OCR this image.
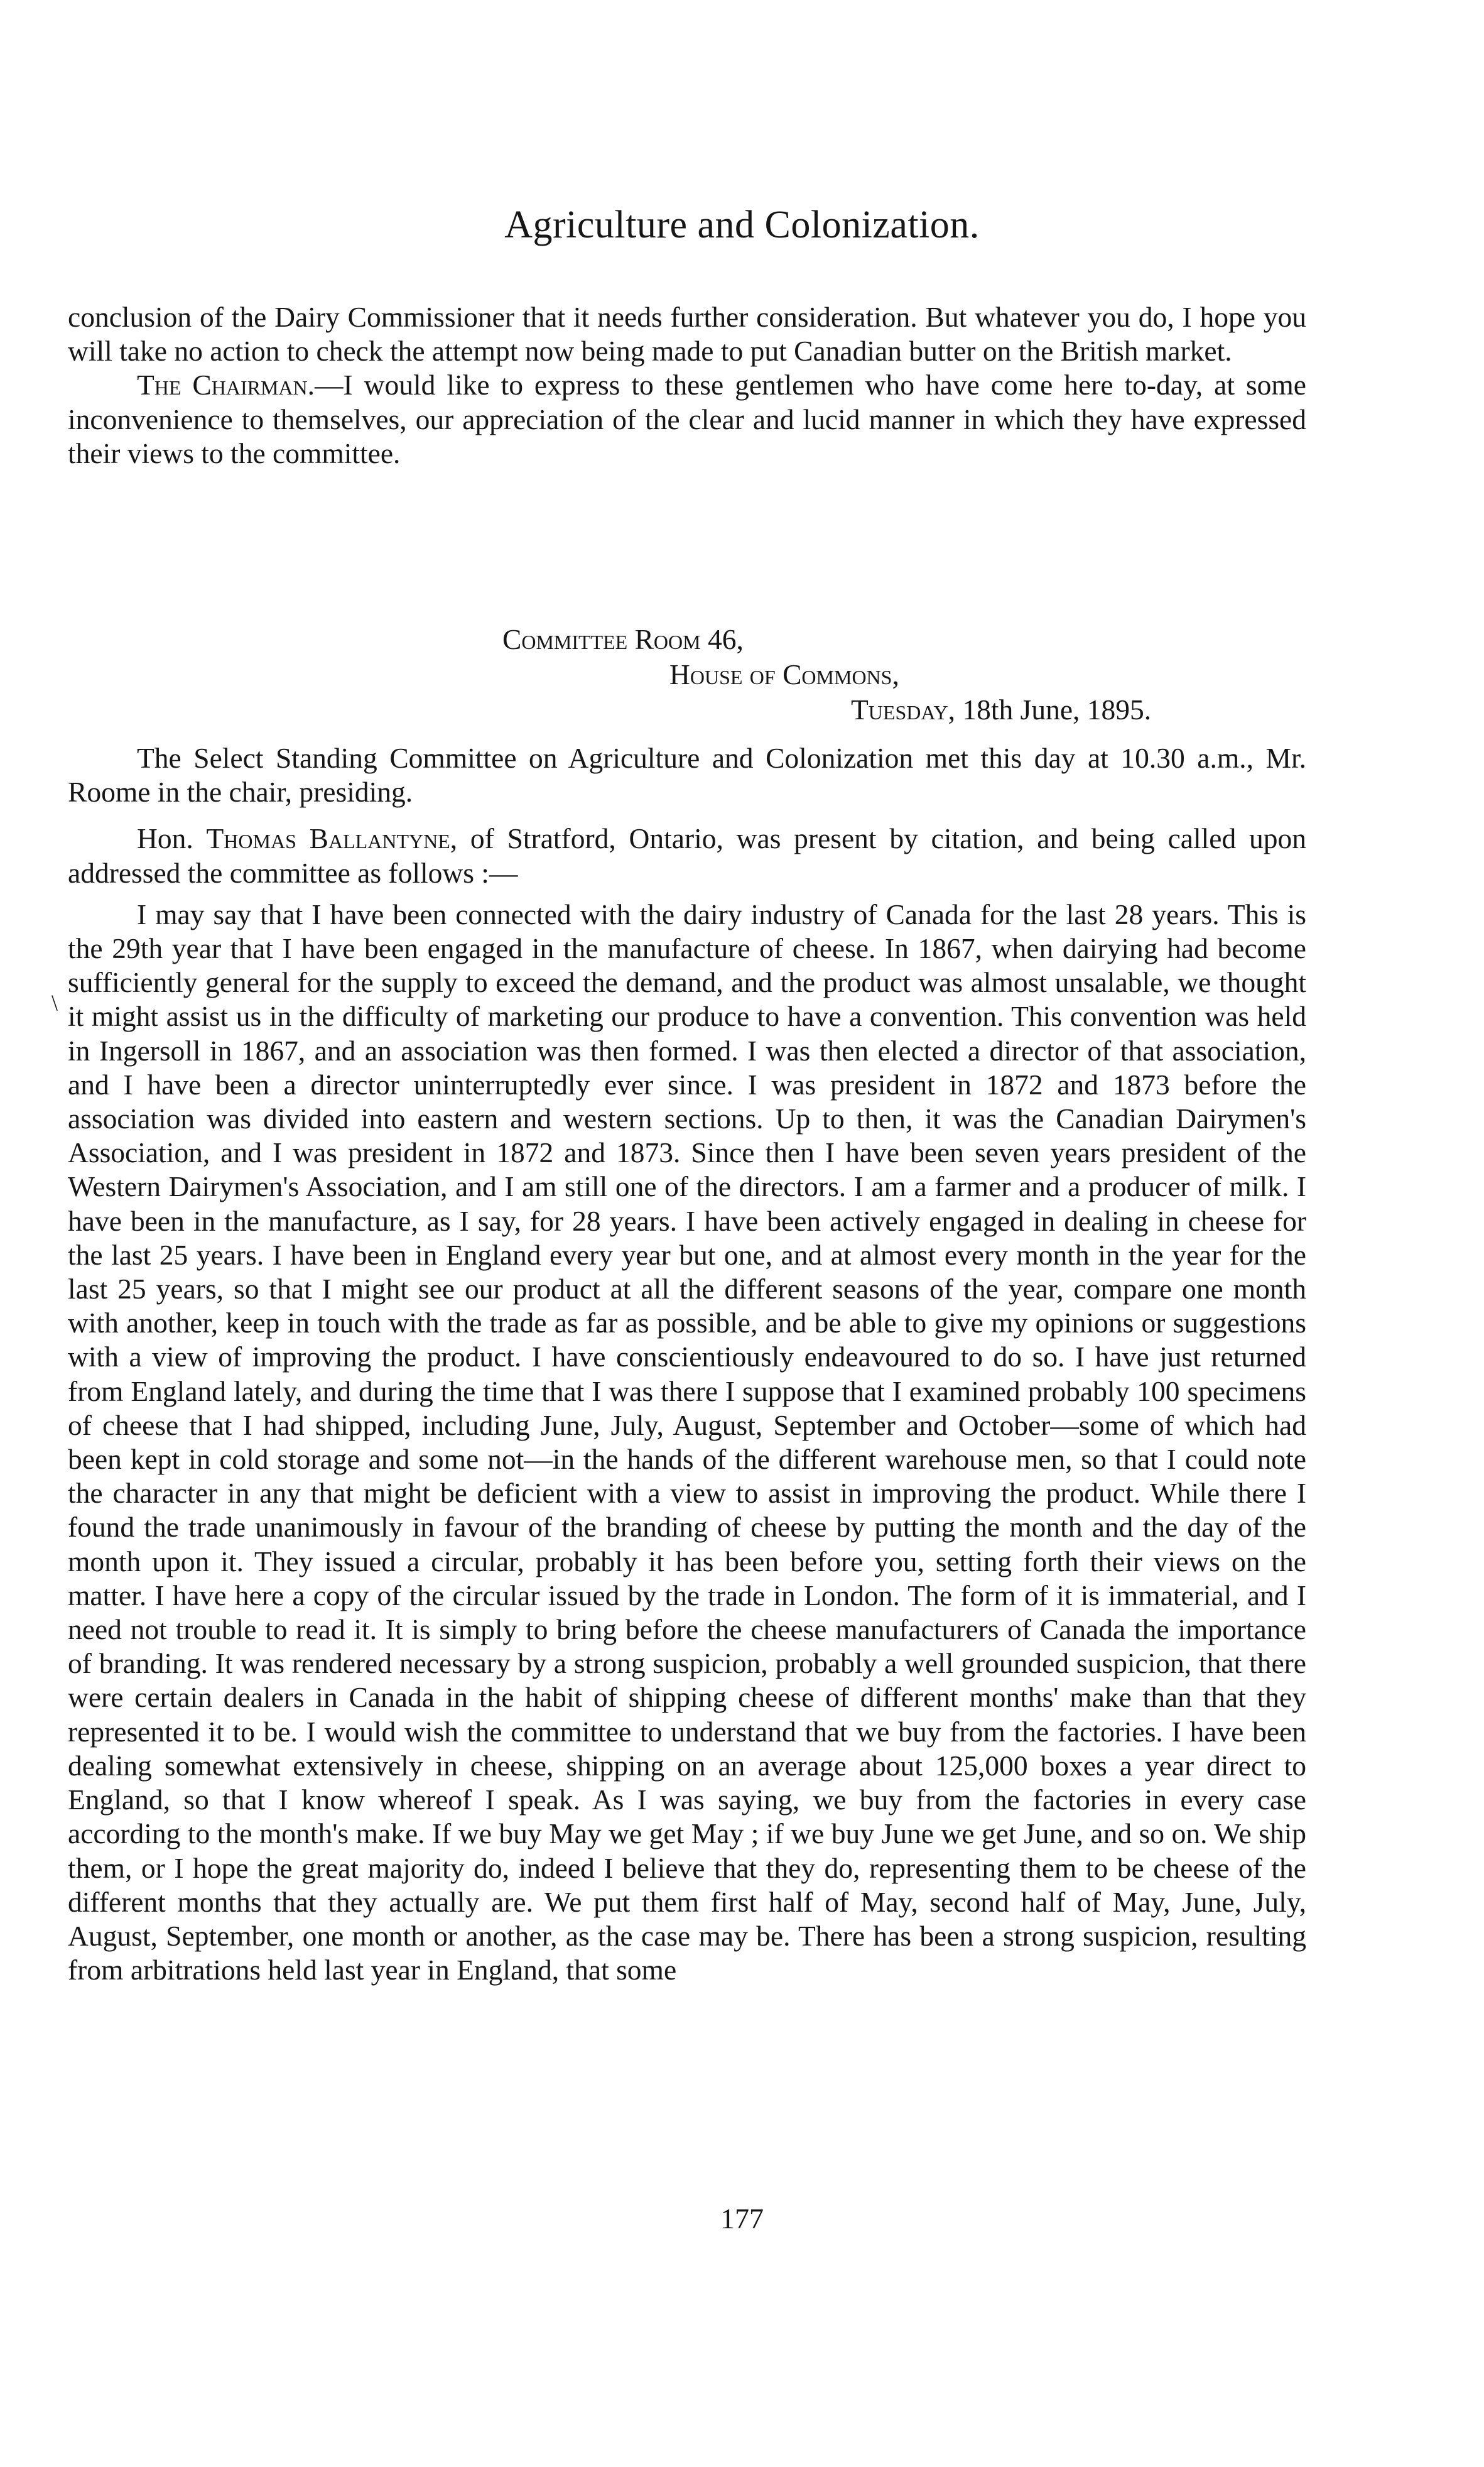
Agriculture and Colonization.

conclusion of the Dairy Commissioner that it needs further consideration. But whatever you do, I hope you will take no action to check the attempt now being made to put Canadian butter on the British market.

The Chairman.—I would like to express to these gentlemen who have come here to-day, at some inconvenience to themselves, our appreciation of the clear and lucid manner in which they have expressed their views to the committee.

Committee Room 46,

House of Commons,

Tuesday, 18th June, 1895.

The Select Standing Committee on Agriculture and Colonization met this day at 10.30 a.m., Mr. Roome in the chair, presiding.

Hon. Thomas Ballantyne, of Stratford, Ontario, was present by citation, and being called upon addressed the committee as follows :—

I may say that I have been connected with the dairy industry of Canada for the last 28 years. This is the 29th year that I have been engaged in the manufacture of cheese. In 1867, when dairying had become sufficiently general for the supply to exceed the demand, and the product was almost unsalable, we thought it might assist us in the difficulty of marketing our produce to have a convention. This convention was held in Ingersoll in 1867, and an association was then formed. I was then elected a director of that association, and I have been a director uninterruptedly ever since. I was president in 1872 and 1873 before the association was divided into eastern and western sections. Up to then, it was the Canadian Dairymen's Association, and I was president in 1872 and 1873. Since then I have been seven years president of the Western Dairymen's Association, and I am still one of the directors. I am a farmer and a producer of milk. I have been in the manufacture, as I say, for 28 years. I have been actively engaged in dealing in cheese for the last 25 years. I have been in England every year but one, and at almost every month in the year for the last 25 years, so that I might see our product at all the different seasons of the year, compare one month with another, keep in touch with the trade as far as possible, and be able to give my opinions or suggestions with a view of improving the product. I have conscientiously endeavoured to do so. I have just returned from England lately, and during the time that I was there I suppose that I examined probably 100 specimens of cheese that I had shipped, including June, July, August, September and October—some of which had been kept in cold storage and some not—in the hands of the different warehouse men, so that I could note the character in any that might be deficient with a view to assist in improving the product. While there I found the trade unanimously in favour of the branding of cheese by putting the month and the day of the month upon it. They issued a circular, probably it has been before you, setting forth their views on the matter. I have here a copy of the circular issued by the trade in London. The form of it is immaterial, and I need not trouble to read it. It is simply to bring before the cheese manufacturers of Canada the importance of branding. It was rendered necessary by a strong suspicion, probably a well grounded suspicion, that there were certain dealers in Canada in the habit of shipping cheese of different months' make than that they represented it to be. I would wish the committee to understand that we buy from the factories. I have been dealing somewhat extensively in cheese, shipping on an average about 125,000 boxes a year direct to England, so that I know whereof I speak. As I was saying, we buy from the factories in every case according to the month's make. If we buy May we get May ; if we buy June we get June, and so on. We ship them, or I hope the great majority do, indeed I believe that they do, representing them to be cheese of the different months that they actually are. We put them first half of May, second half of May, June, July, August, September, one month or another, as the case may be. There has been a strong suspicion, resulting from arbitrations held last year in England, that some

\
177
